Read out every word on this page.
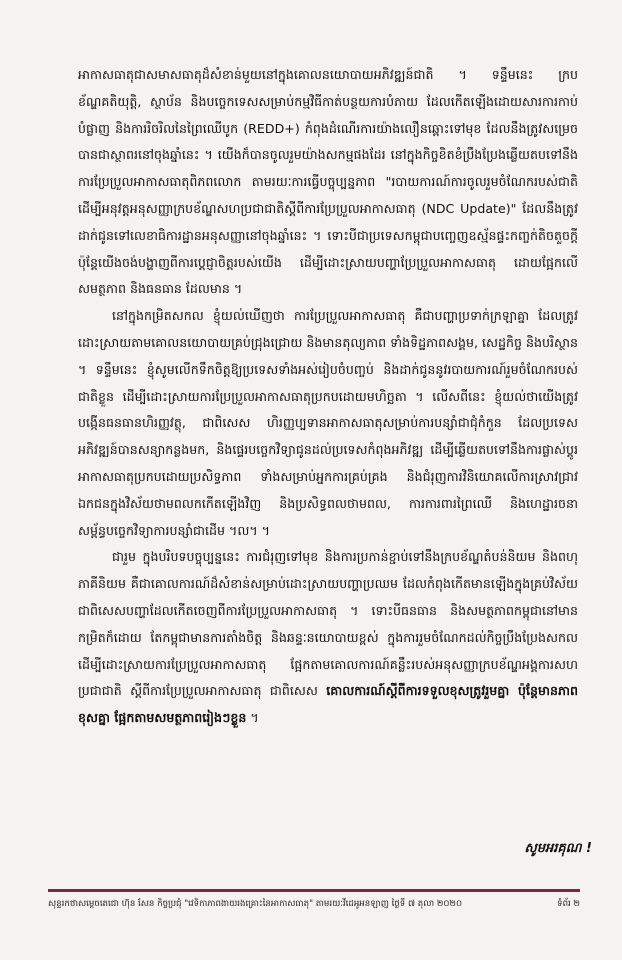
អាកាសធាតុជាសមាសធាតុដ៏សំខាន់មួយនៅក្នុងគោលនយោបាយអភិវឌ្ឍន៍ជាតិ ។ ទន្ទឹមនេះ ក្របខ័ណ្ឌគតិយុត្តិ, ស្ថាប័ន និងបច្ចេកទេសសម្រាប់កម្មវិធីកាត់បន្ថយការបំភាយ ដែលកើតឡើងដោយសារការកាប់បំផ្លាញ និងការរិចរិលនៃព្រៃឈើបូក (REDD+) កំពុងដំណើរការយ៉ាងលឿនឆ្ពោះទៅមុខ ដែលនឹងត្រូវសម្រេចបានជាស្ថាពរនៅចុងឆ្នាំនេះ ។ យើងក៏បានចូលរួមយ៉ាងសកម្មផងដែរ នៅក្នុងកិច្ចខិតខំប្រឹងប្រែងឆ្លើយតបទៅនឹងការប្រែប្រួលអាកាសធាតុពិភពលោក តាមរយៈការធ្វើបច្ចុប្បន្នភាព "របាយការណ៍ការចូលរួមចំណែករបស់ជាតិ ដើម្បីអនុវត្តអនុសញ្ញាក្របខ័ណ្ឌសហប្រជាជាតិស្តីពីការប្រែប្រួលអាកាសធាតុ (NDC Update)" ដែលនឹងត្រូវដាក់ជូនទៅលេខាធិការដ្ឋានអនុសញ្ញានៅចុងឆ្នាំនេះ ។ ទោះបីជាប្រទេសកម្ពុជាបញ្ចេញឧស្ម័នផ្ទះកញ្ចក់តិចតួចក្តី ប៉ុន្តែយើងចង់បង្ហាញពីការប្តេជ្ញាចិត្តរបស់យើង ដើម្បីដោះស្រាយបញ្ហាប្រែប្រួលអាកាសធាតុ ដោយផ្អែកលើសមត្ថភាព និងធនធាន ដែលមាន ។

នៅក្នុងកម្រិតសកល ខ្ញុំយល់ឃើញថា ការប្រែប្រួលអាកាសធាតុ គឺជាបញ្ហាប្រទាក់ក្រឡាគ្នា ដែលត្រូវដោះស្រាយតាមគោលនយោបាយគ្រប់ជ្រុងជ្រោយ និងមានតុល្យភាព ទាំងទិដ្ឋភាពសង្គម, សេដ្ឋកិច្ច និងបរិស្ថាន ។ ទន្ទឹមនេះ ខ្ញុំសូមលើកទឹកចិត្តឱ្យប្រទេសទាំងអស់រៀបចំបញ្ចប់ និងដាក់ជូននូវរបាយការណ៍រួមចំណែករបស់ជាតិខ្លួន ដើម្បីដោះស្រាយការប្រែប្រួលអាកាសធាតុប្រកបដោយមហិច្ឆតា ។ លើសពីនេះ ខ្ញុំយល់ថាយើងត្រូវបង្កើនធនធានហិរញ្ញវត្ថុ, ជាពិសេស ហិរញ្ញប្បទានអាកាសធាតុសម្រាប់ការបន្សាំជាជុំកំកួន ដែលប្រទេសអភិវឌ្ឍន៍បានសន្យាកន្លងមក, និងផ្ទេរបច្ចេកវិទ្យាជូនដល់ប្រទេសកំពុងអភិវឌ្ឍ ដើម្បីឆ្លើយតបទៅនឹងការផ្លាស់ប្តូរអាកាសធាតុប្រកបដោយប្រសិទ្ធភាព ទាំងសម្រាប់អ្នកការគ្រប់គ្រង និងជំរុញការវិនិយោគលើការស្រាវជ្រាវ ឯកជនក្នុងវិស័យថាមពលកកើតឡើងវិញ និងប្រសិទ្ធពលថាមពល, ការការពារព្រៃឈើ និងហេដ្ឋារចនាសម្ព័ន្ធបច្ចេកវិទ្យាការបន្សាំជាដើម ។ល។ ។

ជារួម ក្នុងបរិបទបច្ចុប្បន្ននេះ ការជំរុញទៅមុខ និងការប្រកាន់ខ្ជាប់ទៅនឹងក្របខ័ណ្ឌតំបន់និយម និងពហុភាគីនិយម គឺជាគោលការណ៍ដ៏សំខាន់សម្រាប់ដោះស្រាយបញ្ហាប្រឈម ដែលកំពុងកើតមានឡើងក្នុងគ្រប់វិស័យ ជាពិសេសបញ្ហាដែលកើតចេញពីការប្រែប្រួលអាកាសធាតុ ។ ទោះបីធនធាន និងសមត្ថភាពកម្ពុជានៅមានកម្រិតក៏ដោយ តែកម្ពុជាមានការតាំងចិត្ត និងឆន្ទៈនយោបាយខ្ពស់ ក្នុងការរួមចំណែកដល់កិច្ចប្រឹងប្រែងសកល ដើម្បីដោះស្រាយការប្រែប្រួលអាកាសធាតុ ផ្អែកតាមគោលការណ៍គន្លឹះរបស់អនុសញ្ញាក្របខ័ណ្ឌអង្គការសហប្រជាជាតិ ស្តីពីការប្រែប្រួលអាកាសធាតុ ជាពិសេស គោលការណ៍ស្តីពីការទទួលខុសត្រូវរួមគ្នា ប៉ុន្តែមានភាពខុសគ្នា ផ្អែកតាមសមត្ថភាពរៀងៗខ្លួន ។

សូមអរគុណ !
សុន្ទរកថាសម្តេចតេជោ ហ៊ុន សែន កិច្ចប្រជុំ "វេទិកាភាពងាយរងគ្រោះនៃអាកាសធាតុ" តាមរយៈវីដេអូអនឡាញ ថ្ងៃទី ៧ តុលា ២០២០	ទំព័រ ២
